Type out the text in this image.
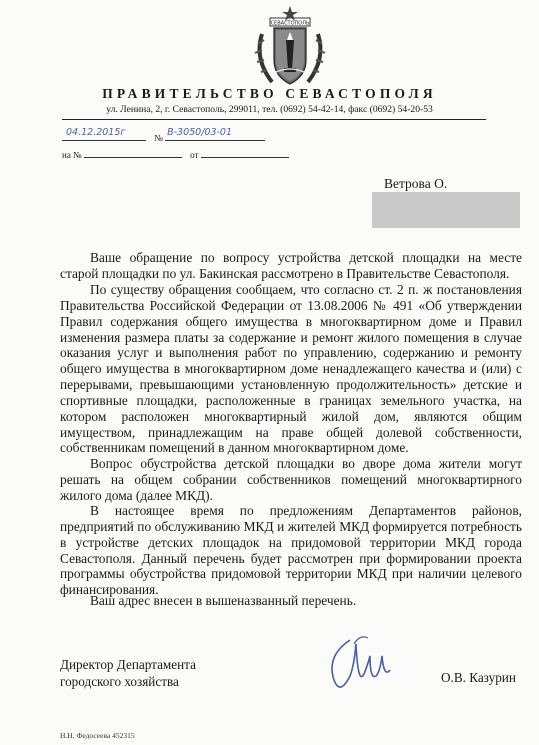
СЕВАСТОПОЛЬ
ПРАВИТЕЛЬСТВО СЕВАСТОПОЛЯ
ул. Ленина, 2, г. Севастополь, 299011, тел. (0692) 54-42-14, факс (0692) 54-20-53
04.12.2015г	№ В-3050/03-01
на №	от
Ветрова О.

Ваше обращение по вопросу устройства детской площадки на месте старой площадки по ул. Бакинская рассмотрено в Правительстве Севастополя.

По существу обращения сообщаем, что согласно ст. 2 п. ж постановления Правительства Российской Федерации от 13.08.2006 № 491 «Об утверждении Правил содержания общего имущества в многоквартирном доме и Правил изменения размера платы за содержание и ремонт жилого помещения в случае оказания услуг и выполнения работ по управлению, содержанию и ремонту общего имущества в многоквартирном доме ненадлежащего качества и (или) с перерывами, превышающими установленную продолжительность» детские и спортивные площадки, расположенные в границах земельного участка, на котором расположен многоквартирный жилой дом, являются общим имуществом, принадлежащим на праве общей долевой собственности, собственникам помещений в данном многоквартирном доме.

Вопрос обустройства детской площадки во дворе дома жители могут решать на общем собрании собственников помещений многоквартирного жилого дома (далее МКД).

В настоящее время по предложениям Департаментов районов, предприятий по обслуживанию МКД и жителей МКД формируется потребность в устройстве детских площадок на придомовой территории МКД города Севастополя. Данный перечень будет рассмотрен при формировании проекта программы обустройства придомовой территории МКД при наличии целевого финансирования.

Ваш адрес внесен в вышеназванный перечень.

Директор Департамента
городского хозяйства	О.В. Казурин
Н.Н. Федосеева 452315
